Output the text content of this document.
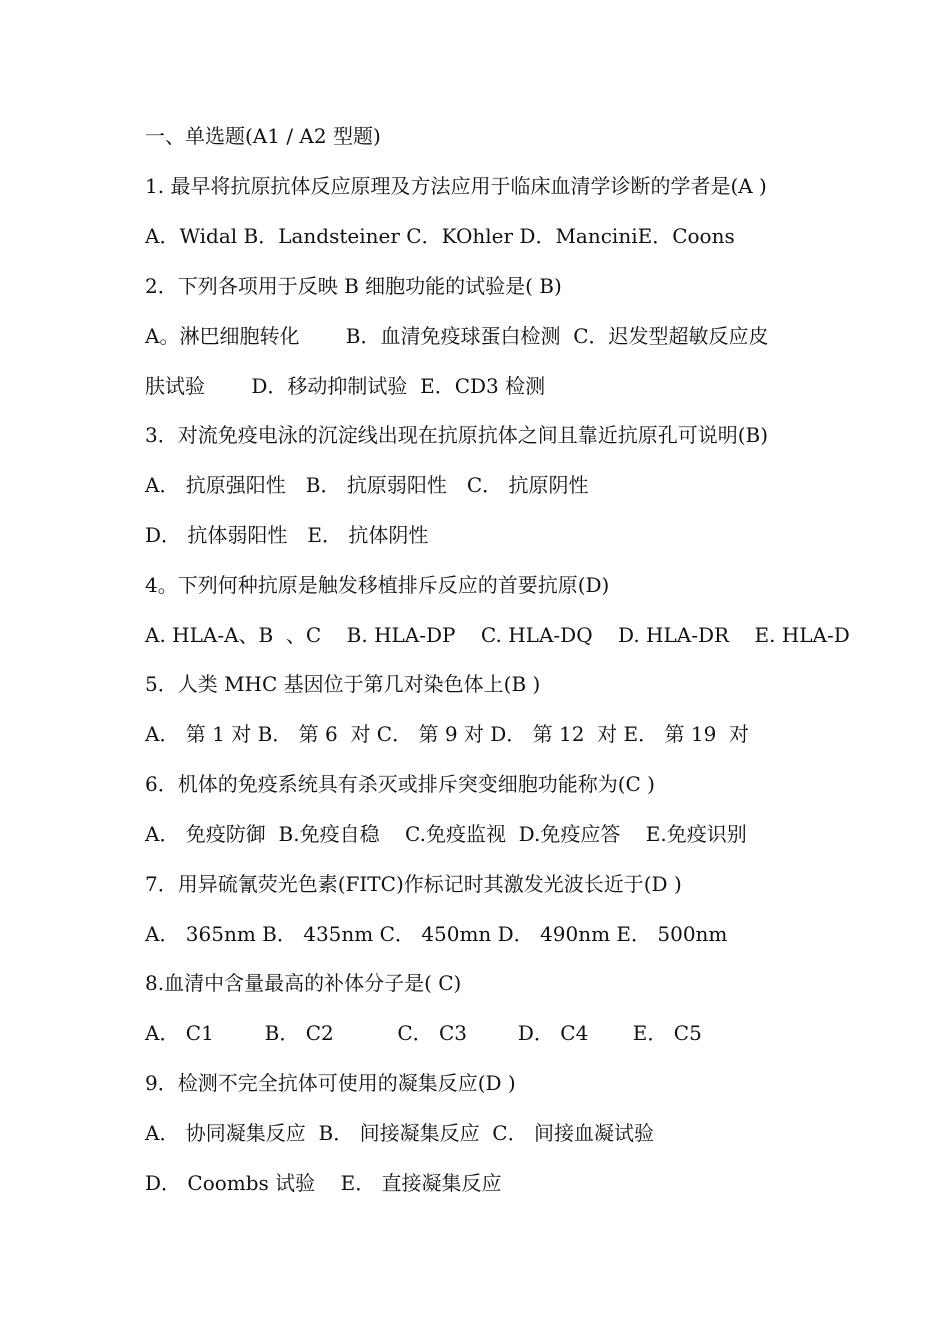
一、单选题(A1 / A2 型题)
1. 最早将抗原抗体反应原理及方法应用于临床血清学诊断的学者是(A )
A．Widal B．Landsteiner C．KOhler D．ManciniE．Coons
2．下列各项用于反映 B 细胞功能的试验是( B)
A。淋巴细胞转化　　 B．血清免疫球蛋白检测  C．迟发型超敏反应皮
肤试验　　 D．移动抑制试验  E．CD3 检测
3．对流免疫电泳的沉淀线出现在抗原抗体之间且靠近抗原孔可说明(B)
A． 抗原强阳性　B． 抗原弱阳性　C． 抗原阴性
D． 抗体弱阳性　E． 抗体阴性
4。下列何种抗原是触发移植排斥反应的首要抗原(D)
A. HLA-A、B  、C    B. HLA-DP    C. HLA-DQ    D. HLA-DR    E. HLA-D
5．人类 MHC 基因位于第几对染色体上(B )
A． 第 1 对 B． 第 6  对 C． 第 9 对 D． 第 12  对 E． 第 19  对
6．机体的免疫系统具有杀灭或排斥突变细胞功能称为(C )
A． 免疫防御  B.免疫自稳    C.免疫监视  D.免疫应答    E.免疫识别
7．用异硫氰荧光色素(FITC)作标记时其激发光波长近于(D )
A． 365nm B． 435nm C． 450mn D． 490nm E． 500nm
8.血清中含量最高的补体分子是( C)
A． C1        B． C2          C． C3        D． C4       E． C5
9．检测不完全抗体可使用的凝集反应(D )
A． 协同凝集反应  B． 间接凝集反应  C． 间接血凝试验
D． Coombs 试验    E． 直接凝集反应
